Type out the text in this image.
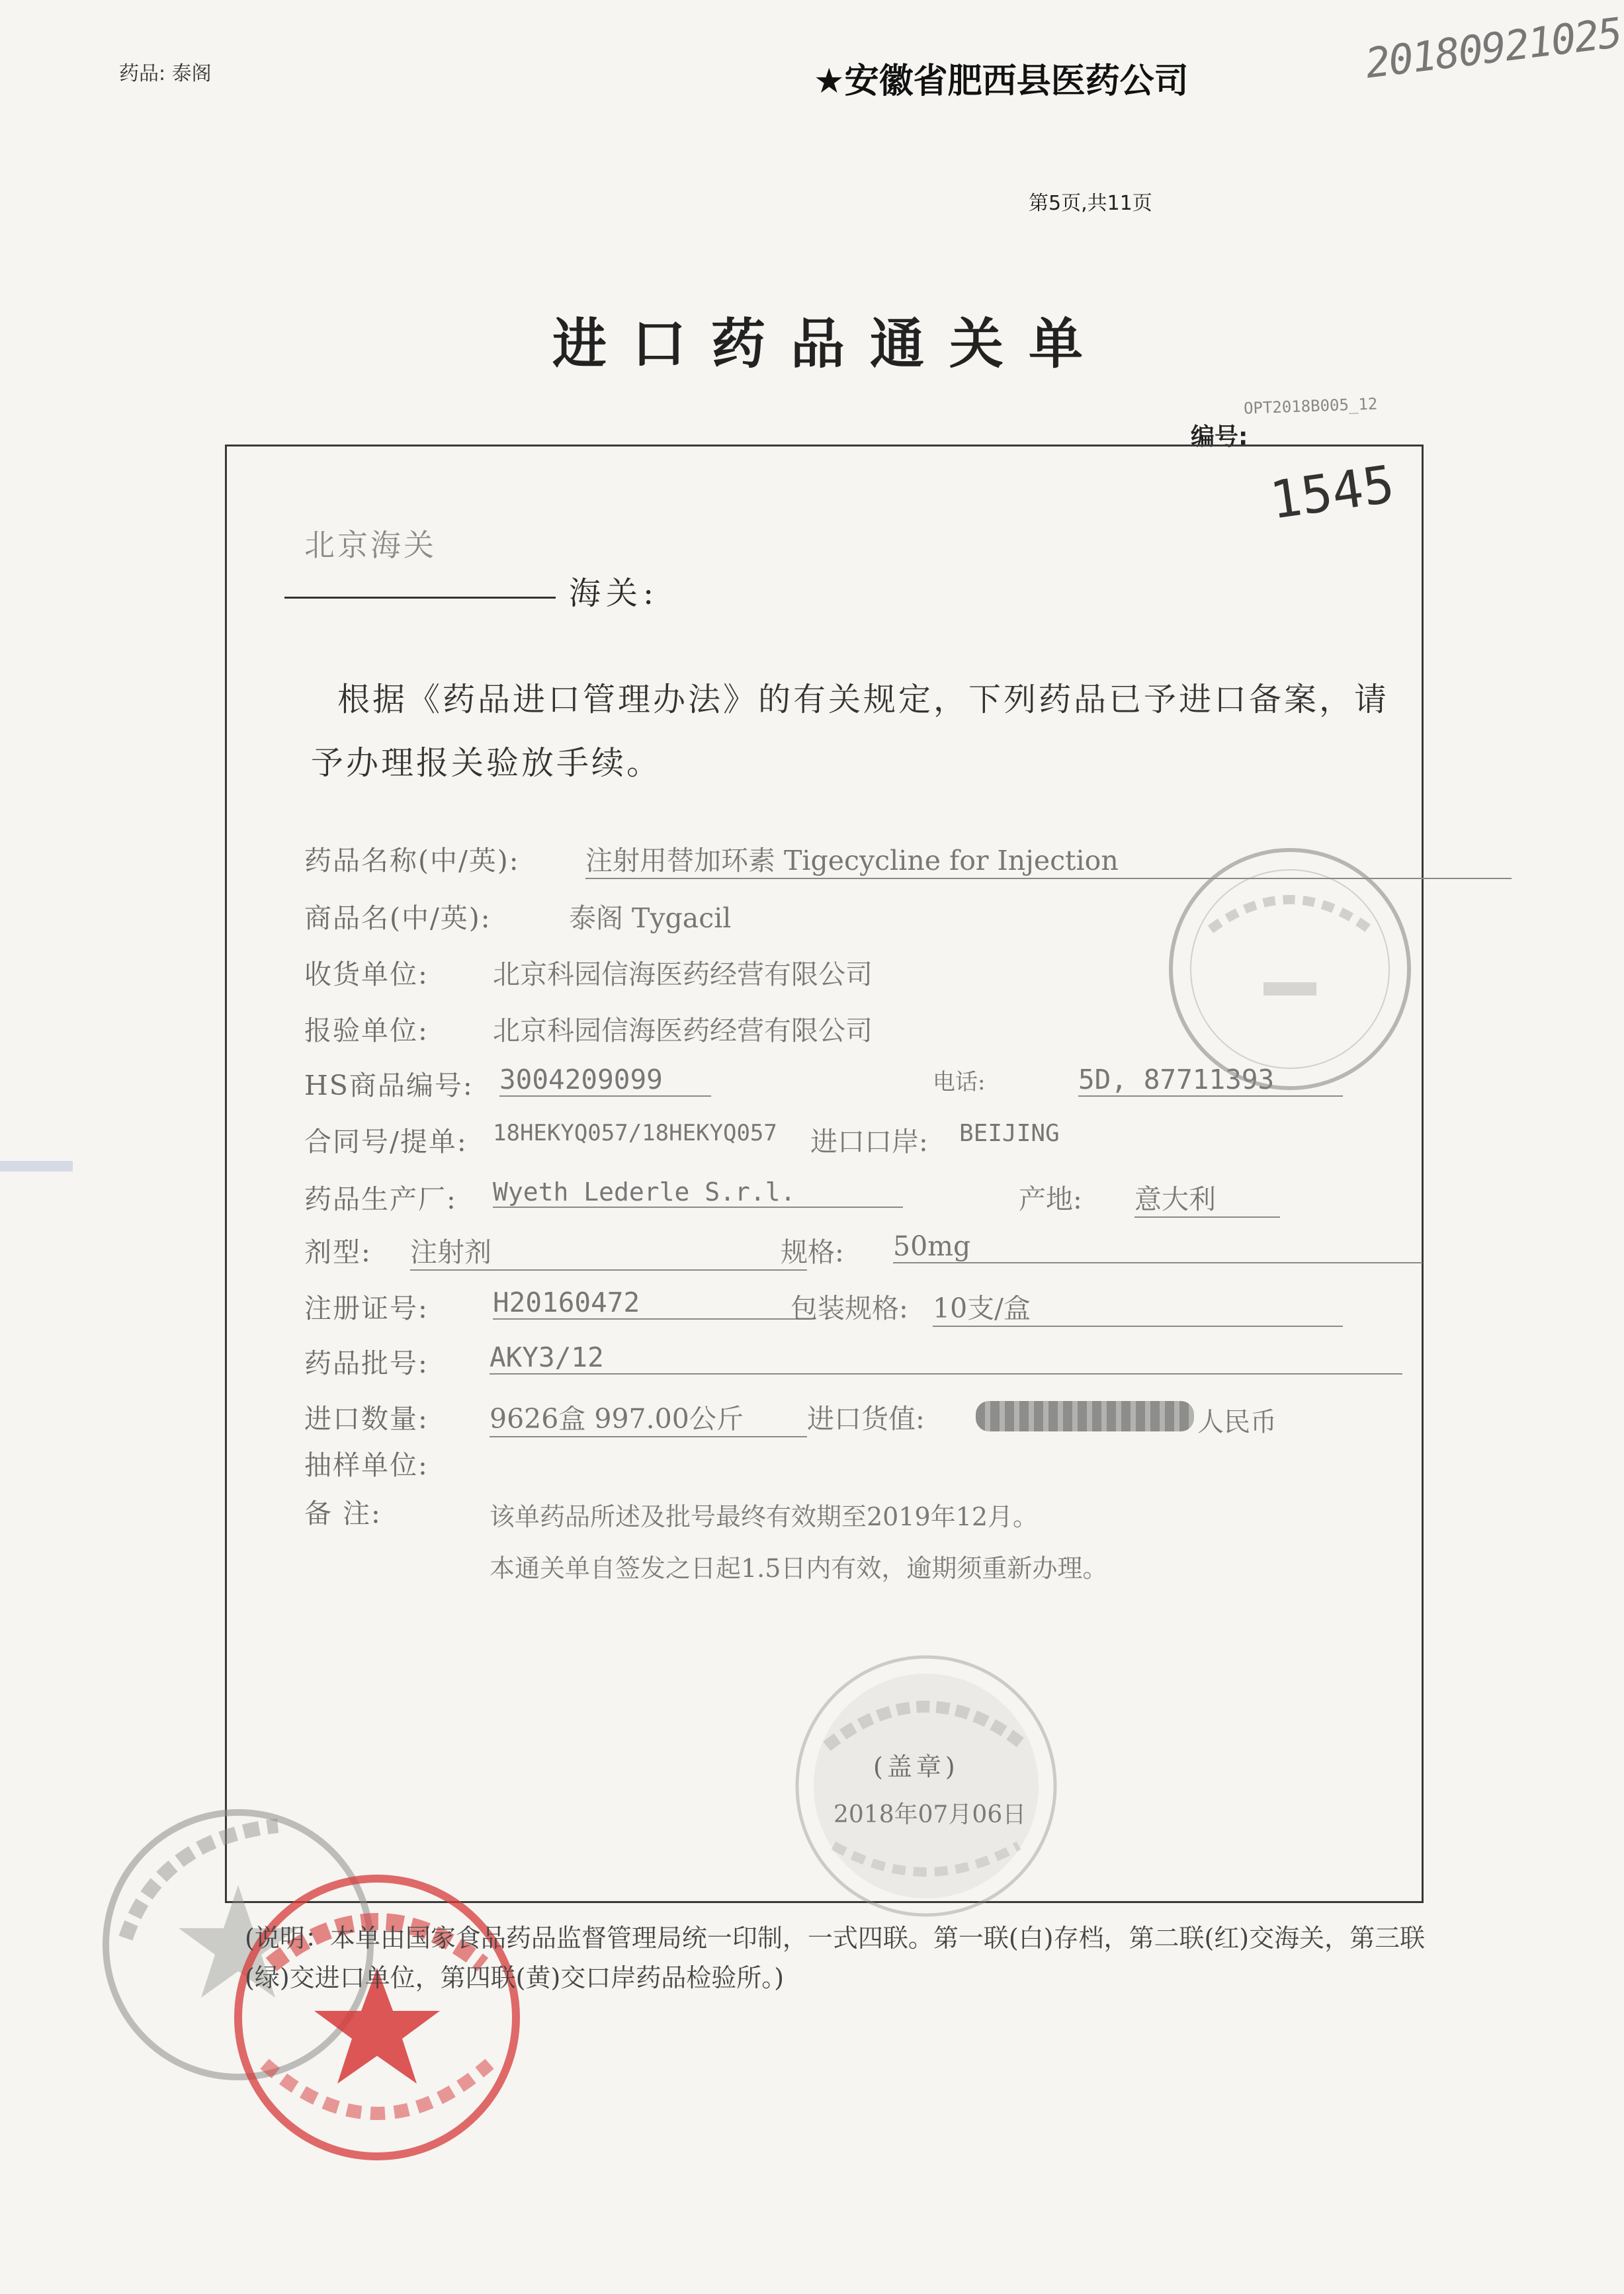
药品: 泰阁	★安徽省肥西县医药公司	20180921025
第5页,共11页
进口药品通关单
OPT2018B005_12
编号:
1545
北京海关
海关:
根据《药品进口管理办法》的有关规定，下列药品已予进口备案，请予办理报关验放手续。
药品名称(中/英): 注射用替加环素 Tigecycline for Injection
商品名(中/英):	泰阁 Tygacil
收货单位: 北京科园信海医药经营有限公司
报验单位: 北京科园信海医药经营有限公司
HS商品编号: 3004209099	电话:	5D, 87711393
合同号/提单: 18HEKYQ057/18HEKYQ057 进口口岸: BEIJING
药品生产厂: Wyeth Lederle S.r.l.	产地: 意大利
剂型: 注射剂	规格: 50mg
注册证号: H20160472	包装规格: 10支/盒
药品批号: AKY3/12
进口数量: 9626盒 997.00公斤	进口货值:	人民币
抽样单位:
备 注:	该单药品所述及批号最终有效期至2019年12月。
本通关单自签发之日起1.5日内有效，逾期须重新办理。
(盖章)
2018年07月06日
(说明：本单由国家食品药品监督管理局统一印制，一式四联。第一联(白)存档，第二联(红)交海关，第三联(绿)交进口单位，第四联(黄)交口岸药品检验所。)
